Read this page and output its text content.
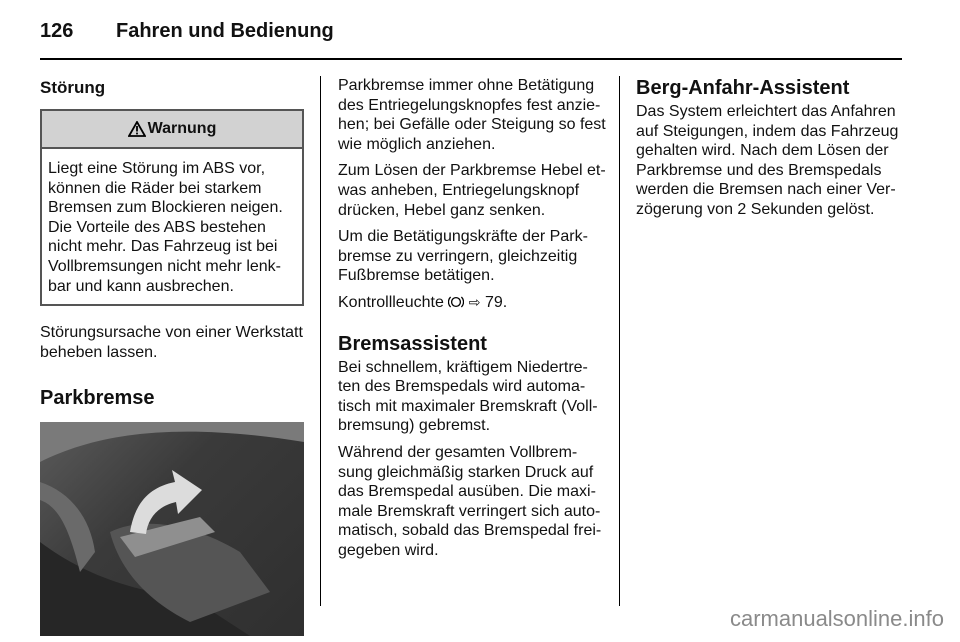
126 Fahren und Bedienung

Störung

Warnung

Liegt eine Störung im ABS vor,
können die Räder bei starkem
Bremsen zum Blockieren neigen.
Die Vorteile des ABS bestehen
nicht mehr. Das Fahrzeug ist bei
Vollbremsungen nicht mehr lenk-
bar und kann ausbrechen.

Störungsursache von einer Werkstatt
beheben lassen.

Parkbremse

Parkbremse immer ohne Betätigung
des Entriegelungsknopfes fest anzie-
hen; bei Gefälle oder Steigung so fest
wie möglich anziehen.

Zum Lösen der Parkbremse Hebel et-
was anheben, Entriegelungsknopf
drücken, Hebel ganz senken.

Um die Betätigungskräfte der Park-
bremse zu verringern, gleichzeitig
Fußbremse betätigen.

Kontrollleuchte ⇨ 79.

Bremsassistent

Bei schnellem, kräftigem Niedertre-
ten des Bremspedals wird automa-
tisch mit maximaler Bremskraft (Voll-
bremsung) gebremst.

Während der gesamten Vollbrem-
sung gleichmäßig starken Druck auf
das Bremspedal ausüben. Die maxi-
male Bremskraft verringert sich auto-
matisch, sobald das Bremspedal frei-
gegeben wird.

Berg-Anfahr-Assistent

Das System erleichtert das Anfahren
auf Steigungen, indem das Fahrzeug
gehalten wird. Nach dem Lösen der
Parkbremse und des Bremspedals
werden die Bremsen nach einer Ver-
zögerung von 2 Sekunden gelöst.

carmanualsonline.info
